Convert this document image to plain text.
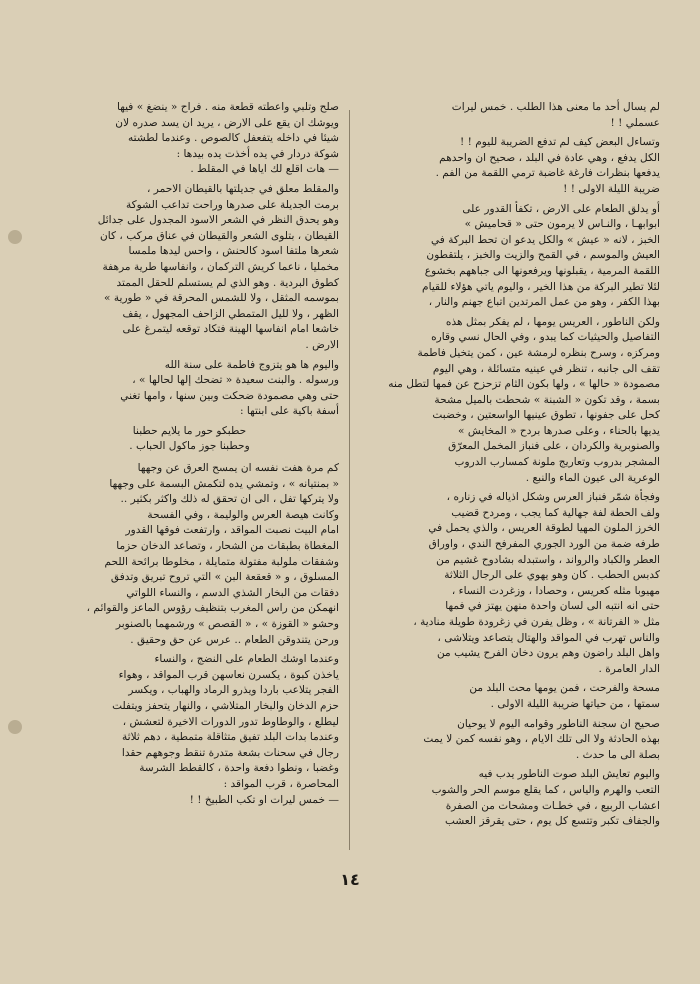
صلح وتلبي واعطته قطعة منه . فراح « ينضغ » فيها
ويوشك ان يقع على الارض ، يريد ان يسد صدره لان
شيئا في داخله يتفعفل كالصوص . وعندما لطشته
شوكة دردار في يده أخذت يده بيدها :
— هات اقلع لك اياها في المقلط .
والمقلط معلق في جديلتها بالقيطان الاحمر ،
برمت الجديلة على صدرها وراحت تداعب الشوكة
وهو يحدق النظر في الشعر الاسود المجدول على جدائل
القيطان ، بتلوى الشعر والقيطان في عناق مركب ، كان
شعرها ملتفا اسود كالحنش ، واحس ليدها ملمسا
مخمليا ، ناعما كريش التركمان ، وانفاسها طرية مرهفة
كطوق البردية . وهو الذي لم يستسلم للحقل الممتد
بموسمه المثقل ، ولا للشمس المحرقة في « طورية »
الظهر ، ولا لليل المتمطي الزاحف المجهول ، يقف
خاشعا امام انفاسها الهينة فتكاد توقعه ليتمرغ على
الارض .
واليوم ها هو يتزوج فاطمة على سنة الله
ورسوله . والبنت سعيدة « تضحك إلها لحالها » ،
حتى وهي مصمودة ضحكت وبين سنها ، وامها تغني
أسفة باكية على ابنتها :
حطبكو حور ما يلايم حطبنا
وحطبنا جوز ماكول الحباب .
كم مرة هفت نفسه ان يمسح العرق عن وجهها
« بمنتيانه » ، وتمشي يده لتكمش البسمة على وجهها
ولا يتركها تفل ، الى ان تحقق له ذلك واكثر بكثير ..
وكانت هيصة العرس والوليمة ، وفي الفسحة
امام البيت نصبت المواقد ، وارتفعت فوقها القدور
المغطاة بطبقات من الشحار ، وتصاعد الدخان حزما
وشفقات ملولبة مفتولة متمايلة ، مخلوطا برائحة اللحم
المسلوق ، و « قعقعة البن » التي تروح تبريق وتدفق
دفقات من البخار الشذي الدسم ، والنساء اللواتي
انهمكن من راس المغرب بتنظيف رؤوس الماعز والقوائم ،
وحشو « القوزة » ، « القصص » ورشمهما بالصنوبر
ورحن يتندوقن الطعام .. عرس عن حق وحقيق .
وعندما اوشك الطعام على النضج ، والنساء
ياخذن كبوة ، يكسرن نعاسهن قرب المواقد ، وهواء
الفجر يتلاعب باردا ويذرو الرماد والهباب ، ويكسر
حزم الدخان والبخار المتلاشي ، والنهار يتحفز ويتفلت
ليطلع ، والوطاوط تدور الدورات الاخيرة لتعشش ،
وعندما بدات البلد تفيق متثاقلة متمطية ، دهم ثلاثة
رجال في سحنات بشعة متدرة تنقط وجوههم حقدا
وغضبا ، ونطوا دفعة واحدة ، كالقطط الشرسة
المحاصرة ، قرب المواقد :
— خمس ليرات او تكب الطبيخ ! !
لم يسال أحد ما معنى هذا الطلب . خمس ليرات
عسملي ! !
وتساءل البعض كيف لم تدفع الضريبة لليوم ! !
الكل يدفع ، وهي عادة في البلد ، صحيح ان واحدهم
يدفعها بنظرات فارغة غاضبة ترمي اللقمة من الفم .
ضريبة الليلة الاولى ! !
أو يدلق الطعام على الارض ، تكفأ القدور على
ابوابهـا ، والنـاس لا يرمون حتى « قحاميش »
الخبز ، لانه « عيش » والكل يدعو ان تحط البركة في
العيش والموسم ، في القمح والزيت والخبز ، يلتقطون
اللقمة المرمية ، يقبلونها ويرفعونها الى جباههم بخشوع
لئلا تطير البركة من هذا الخير ، واليوم ياتي هؤلاء للقيام
بهذا الكفر ، وهو من عمل المرتدين اتباع جهنم والنار ،
ولكن الناطور ، العريس يومها ، لم يفكر بمثل هذه
التفاصيل والحيثيات كما يبدو ، وفي الحال نسي وقاره
ومركزه ، وسرح بنظره لرمشة عين ، كمن يتخيل فاطمة
تقف الى جانبه ، تنظر في عينيه متسائلة ، وهي اليوم
مصمودة « حالها » ، ولها بكون الثام تزحزح عن فمها لتطل منه
بسمة ، وقد تكون « الشبنة » شحطت بالميل مشحة
كحل على جفونها ، تطوق عينيها الواسعتين ، وخضبت
يديها بالحناء ، وعلى صدرها بردح « المخايش »
والصنوبرية والكردان ، على فنباز المخمل المعرّق
المشجر بدروب وتعاريج ملونة كمسارب الدروب
الوعرية الى عيون الماء والنبع .
وفجأة شمّر فنباز العرس وشكل اذياله في زناره ،
ولف الحطة لفة جهالية كما يجب ، ومردح قضيب
الخرز الملون المهيا لطوقة العريس ، والذي يحمل في
طرفه ضمة من الورد الجوري المفرفح الندي ، واوراق
العطر والكباد والرواند ، واستبدله بشادوح غشيم من
كدبس الحطب . كان وهو يهوي على الرجال الثلاثة
مهيوبا مثله كعريس ، وحصادا ، وزغردت النساء ،
حتى انه انتبه الى لسان واحدة منهن يهتز في فمها
مثل « الفرتانة » ، وظل يفرن في زغرودة طويلة منادية ،
والناس تهرب في المواقد والهتال يتصاعد ويتلاشى ،
واهل البلد راضون وهم يرون دخان الفرح يشيب من
الدار العامرة .
مسحة والفرحت ، فمن يومها محت البلد من
سمتها ، من حياتها ضريبة الليلة الاولى .
صحيح ان سجنة الناطور وقوامه اليوم لا يوحيان
بهذه الحادثة ولا الى تلك الايام ، وهو نفسه كمن لا يمت
بصلة الى ما حدث .
واليوم تعايش البلد صوت الناطور يدب فيه
التعب والهرم والياس ، كما يقلع موسم الحر والشوب
اعشاب الربيع ، في خطـات ومشحات من الصفرة
والجفاف تكبر وتتسع كل يوم ، حتى يقرقز العشب
١٤
